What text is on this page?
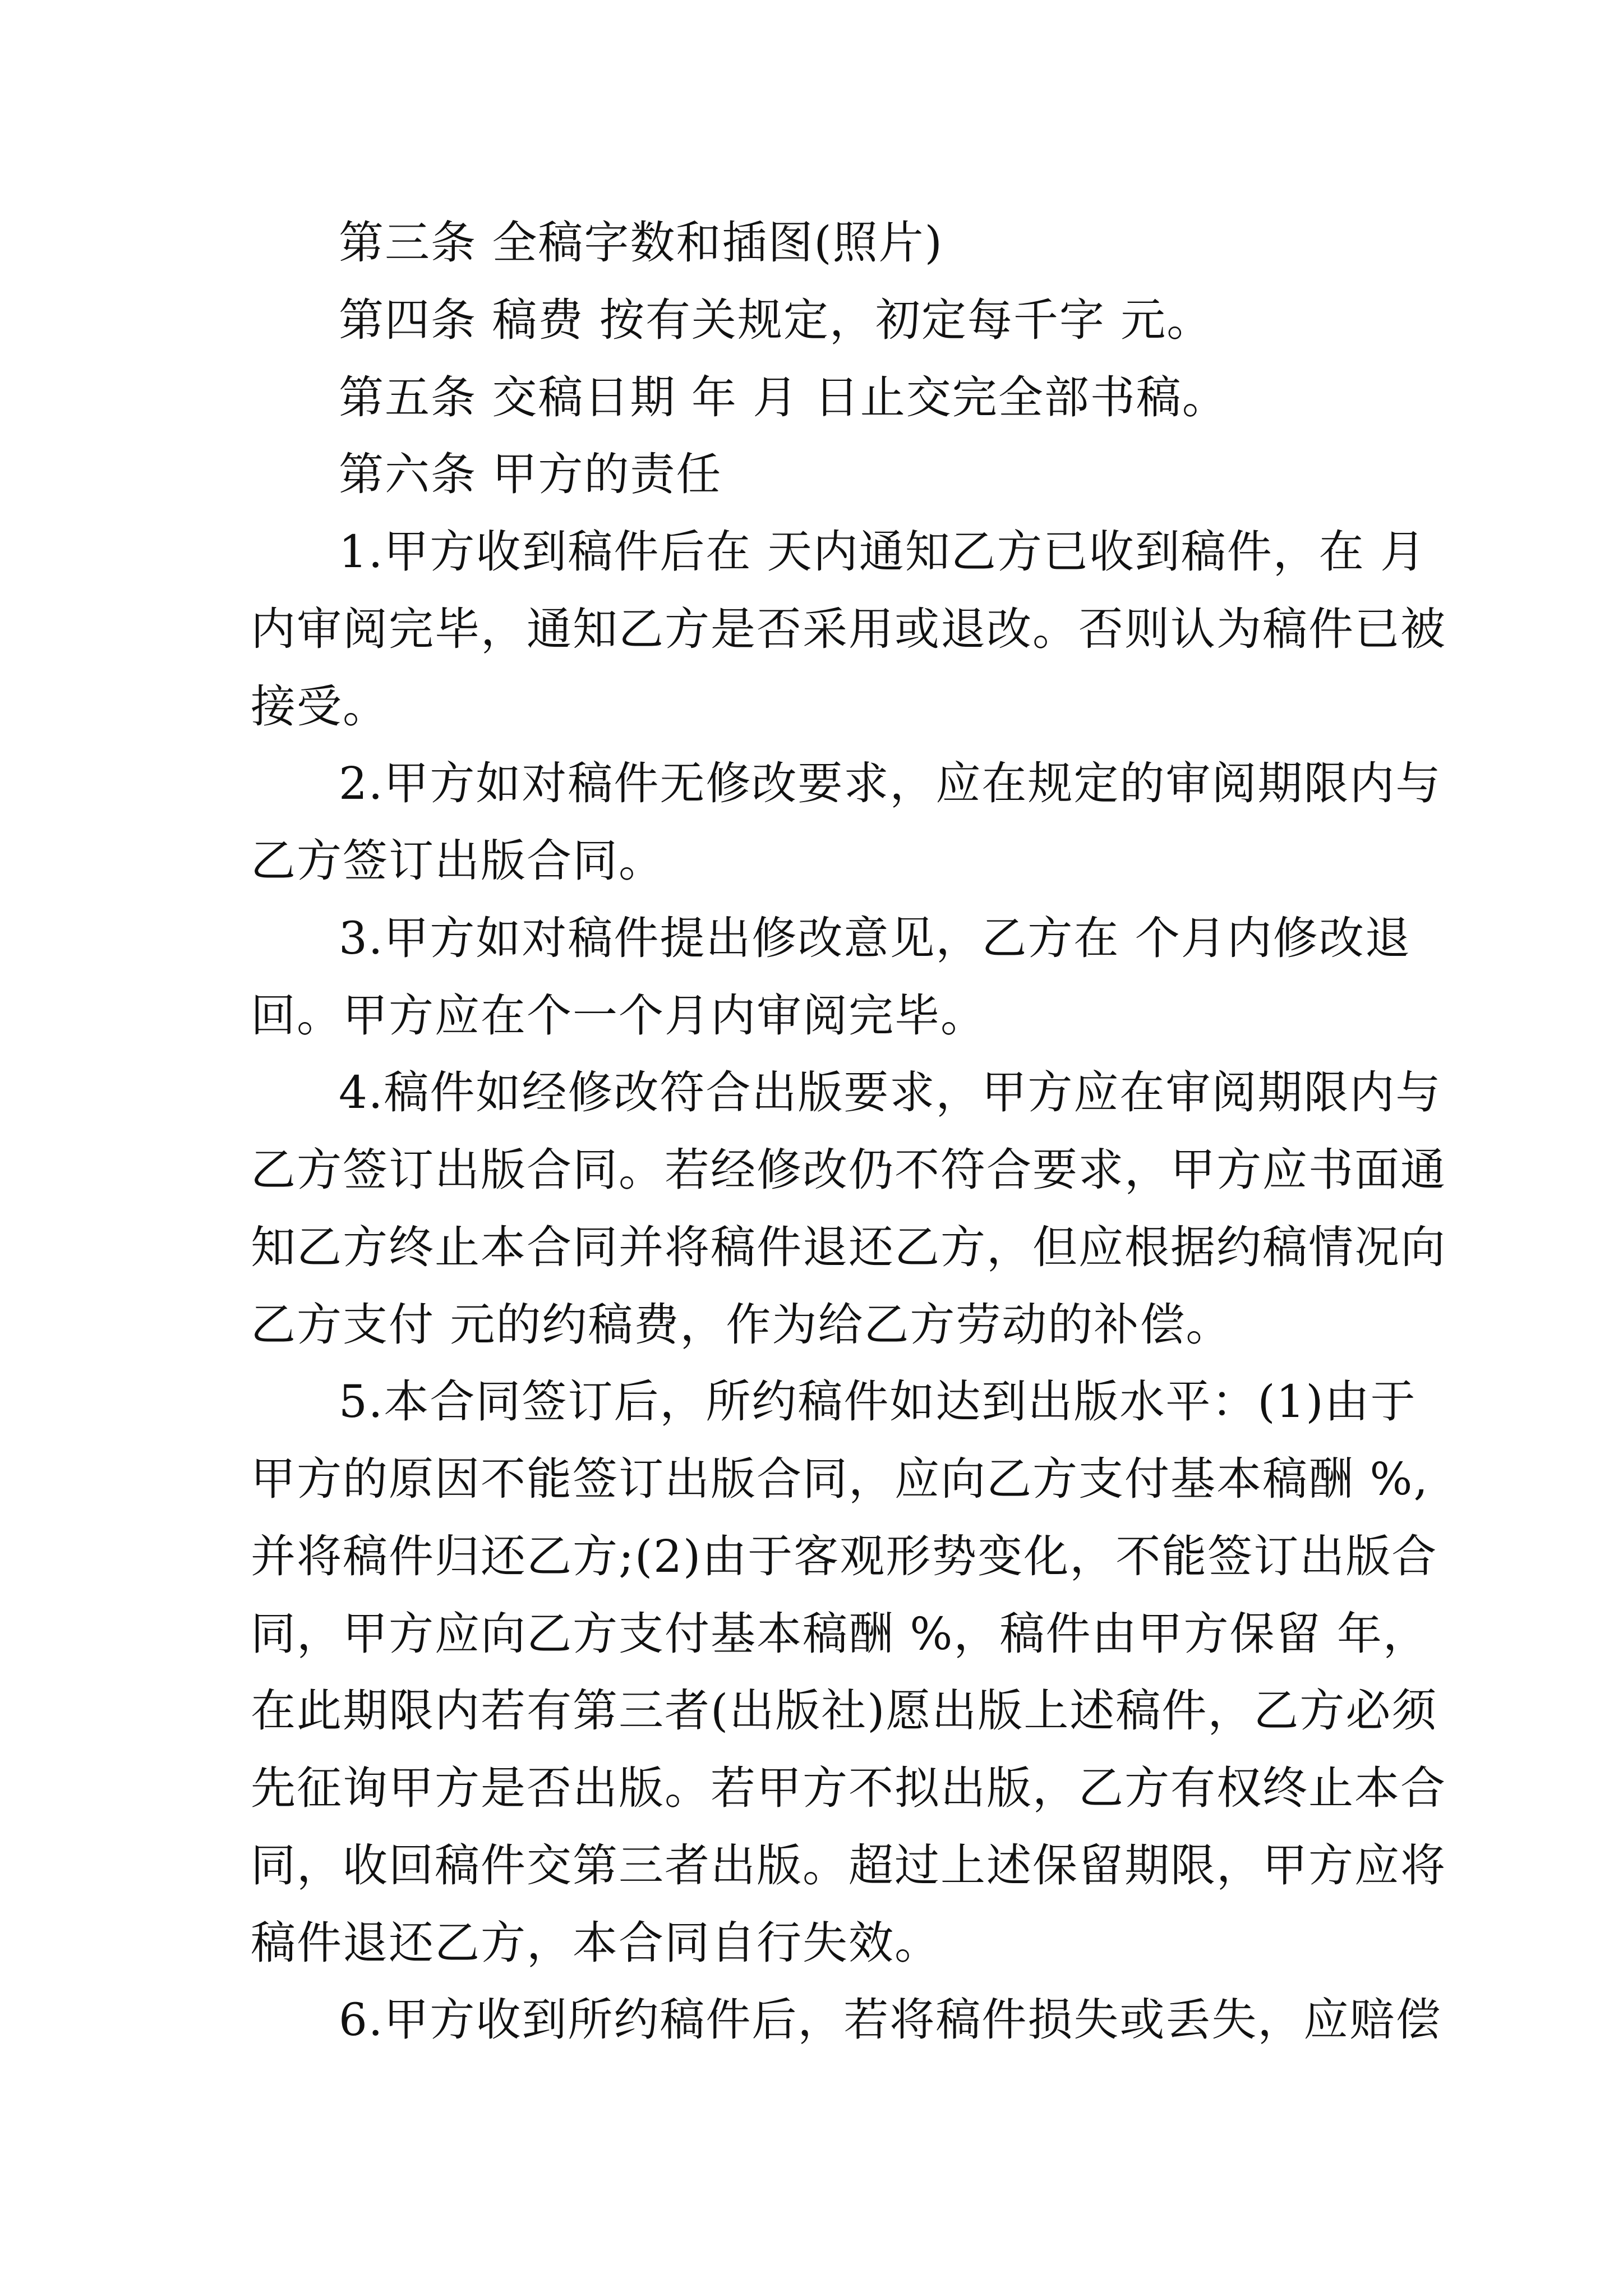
第三条 全稿字数和插图(照片)
第四条 稿费 按有关规定，初定每千字 元。
第五条 交稿日期 年 月 日止交完全部书稿。
第六条 甲方的责任
1.甲方收到稿件后在 天内通知乙方已收到稿件，在 月
内审阅完毕，通知乙方是否采用或退改。否则认为稿件已被
接受。
2.甲方如对稿件无修改要求，应在规定的审阅期限内与
乙方签订出版合同。
3.甲方如对稿件提出修改意见，乙方在 个月内修改退
回。甲方应在个一个月内审阅完毕。
4.稿件如经修改符合出版要求，甲方应在审阅期限内与
乙方签订出版合同。若经修改仍不符合要求，甲方应书面通
知乙方终止本合同并将稿件退还乙方，但应根据约稿情况向
乙方支付 元的约稿费，作为给乙方劳动的补偿。
5.本合同签订后，所约稿件如达到出版水平：(1)由于
甲方的原因不能签订出版合同，应向乙方支付基本稿酬 %,
并将稿件归还乙方;(2)由于客观形势变化，不能签订出版合
同，甲方应向乙方支付基本稿酬 %，稿件由甲方保留 年，
在此期限内若有第三者(出版社)愿出版上述稿件，乙方必须
先征询甲方是否出版。若甲方不拟出版，乙方有权终止本合
同，收回稿件交第三者出版。超过上述保留期限，甲方应将
稿件退还乙方，本合同自行失效。
6.甲方收到所约稿件后，若将稿件损失或丢失，应赔偿
